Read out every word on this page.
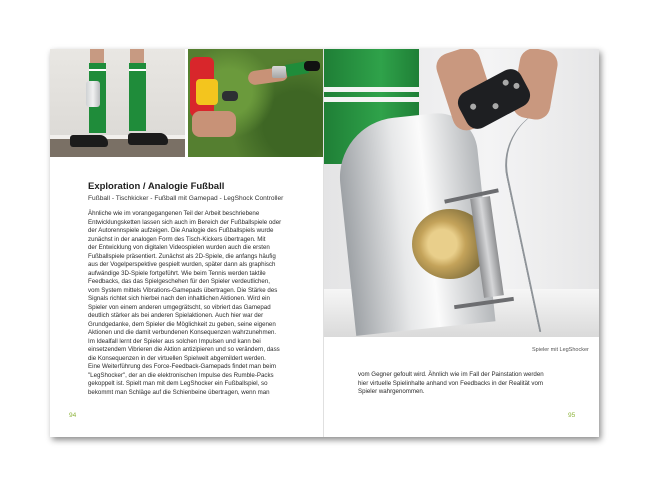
Exploration / Analogie Fußball
Fußball - Tischkicker - Fußball mit Gamepad - LegShock Controller

Ähnliche wie im vorangegangenen Teil der Arbeit beschriebene

Entwicklungsketten lassen sich auch im Bereich der Fußballspiele oder

der Autorennspiele aufzeigen. Die Analogie des Fußballspiels wurde

zunächst in der analogen Form des Tisch-Kickers übertragen. Mit

der Entwicklung von digitalen Videospielen wurden auch die ersten

Fußballspiele präsentiert. Zunächst als 2D-Spiele, die anfangs häufig

aus der Vogelperspektive gespielt wurden, später dann als graphisch

aufwändige 3D-Spiele fortgeführt. Wie beim Tennis werden taktile

Feedbacks, das das Spielgeschehen für den Spieler verdeutlichen,

vom System mittels Vibrations-Gamepads übertragen. Die Stärke des

Signals richtet sich hierbei nach den inhaltlichen Aktionen. Wird ein

Spieler von einem anderen umgegrätscht, so vibriert das Gamepad

deutlich stärker als bei anderen Spielaktionen. Auch hier war der

Grundgedanke, dem Spieler die Möglichkeit zu geben, seine eigenen

Aktionen und die damit verbundenen Konsequenzen wahrzunehmen.

Im Idealfall lernt der Spieler aus solchen Impulsen und kann bei

einsetzendem Vibrieren die Aktion antizipieren und so verändern, dass

die Konsequenzen in der virtuellen Spielwelt abgemildert werden.

Eine Weiterführung des Force-Feedback-Gamepads findet man beim

"LegShocker", der an die elektronischen Impulse des Rumble-Packs

gekoppelt ist. Spielt man mit dem LegShocker ein Fußballspiel, so

bekommt man Schläge auf die Schienbeine übertragen, wenn man

94
Spieler mit LegShocker

vom Gegner gefoult wird. Ähnlich wie im Fall der Painstation werden

hier virtuelle Spielinhalte anhand von Feedbacks in der Realität vom

Spieler wahrgenommen.

95
